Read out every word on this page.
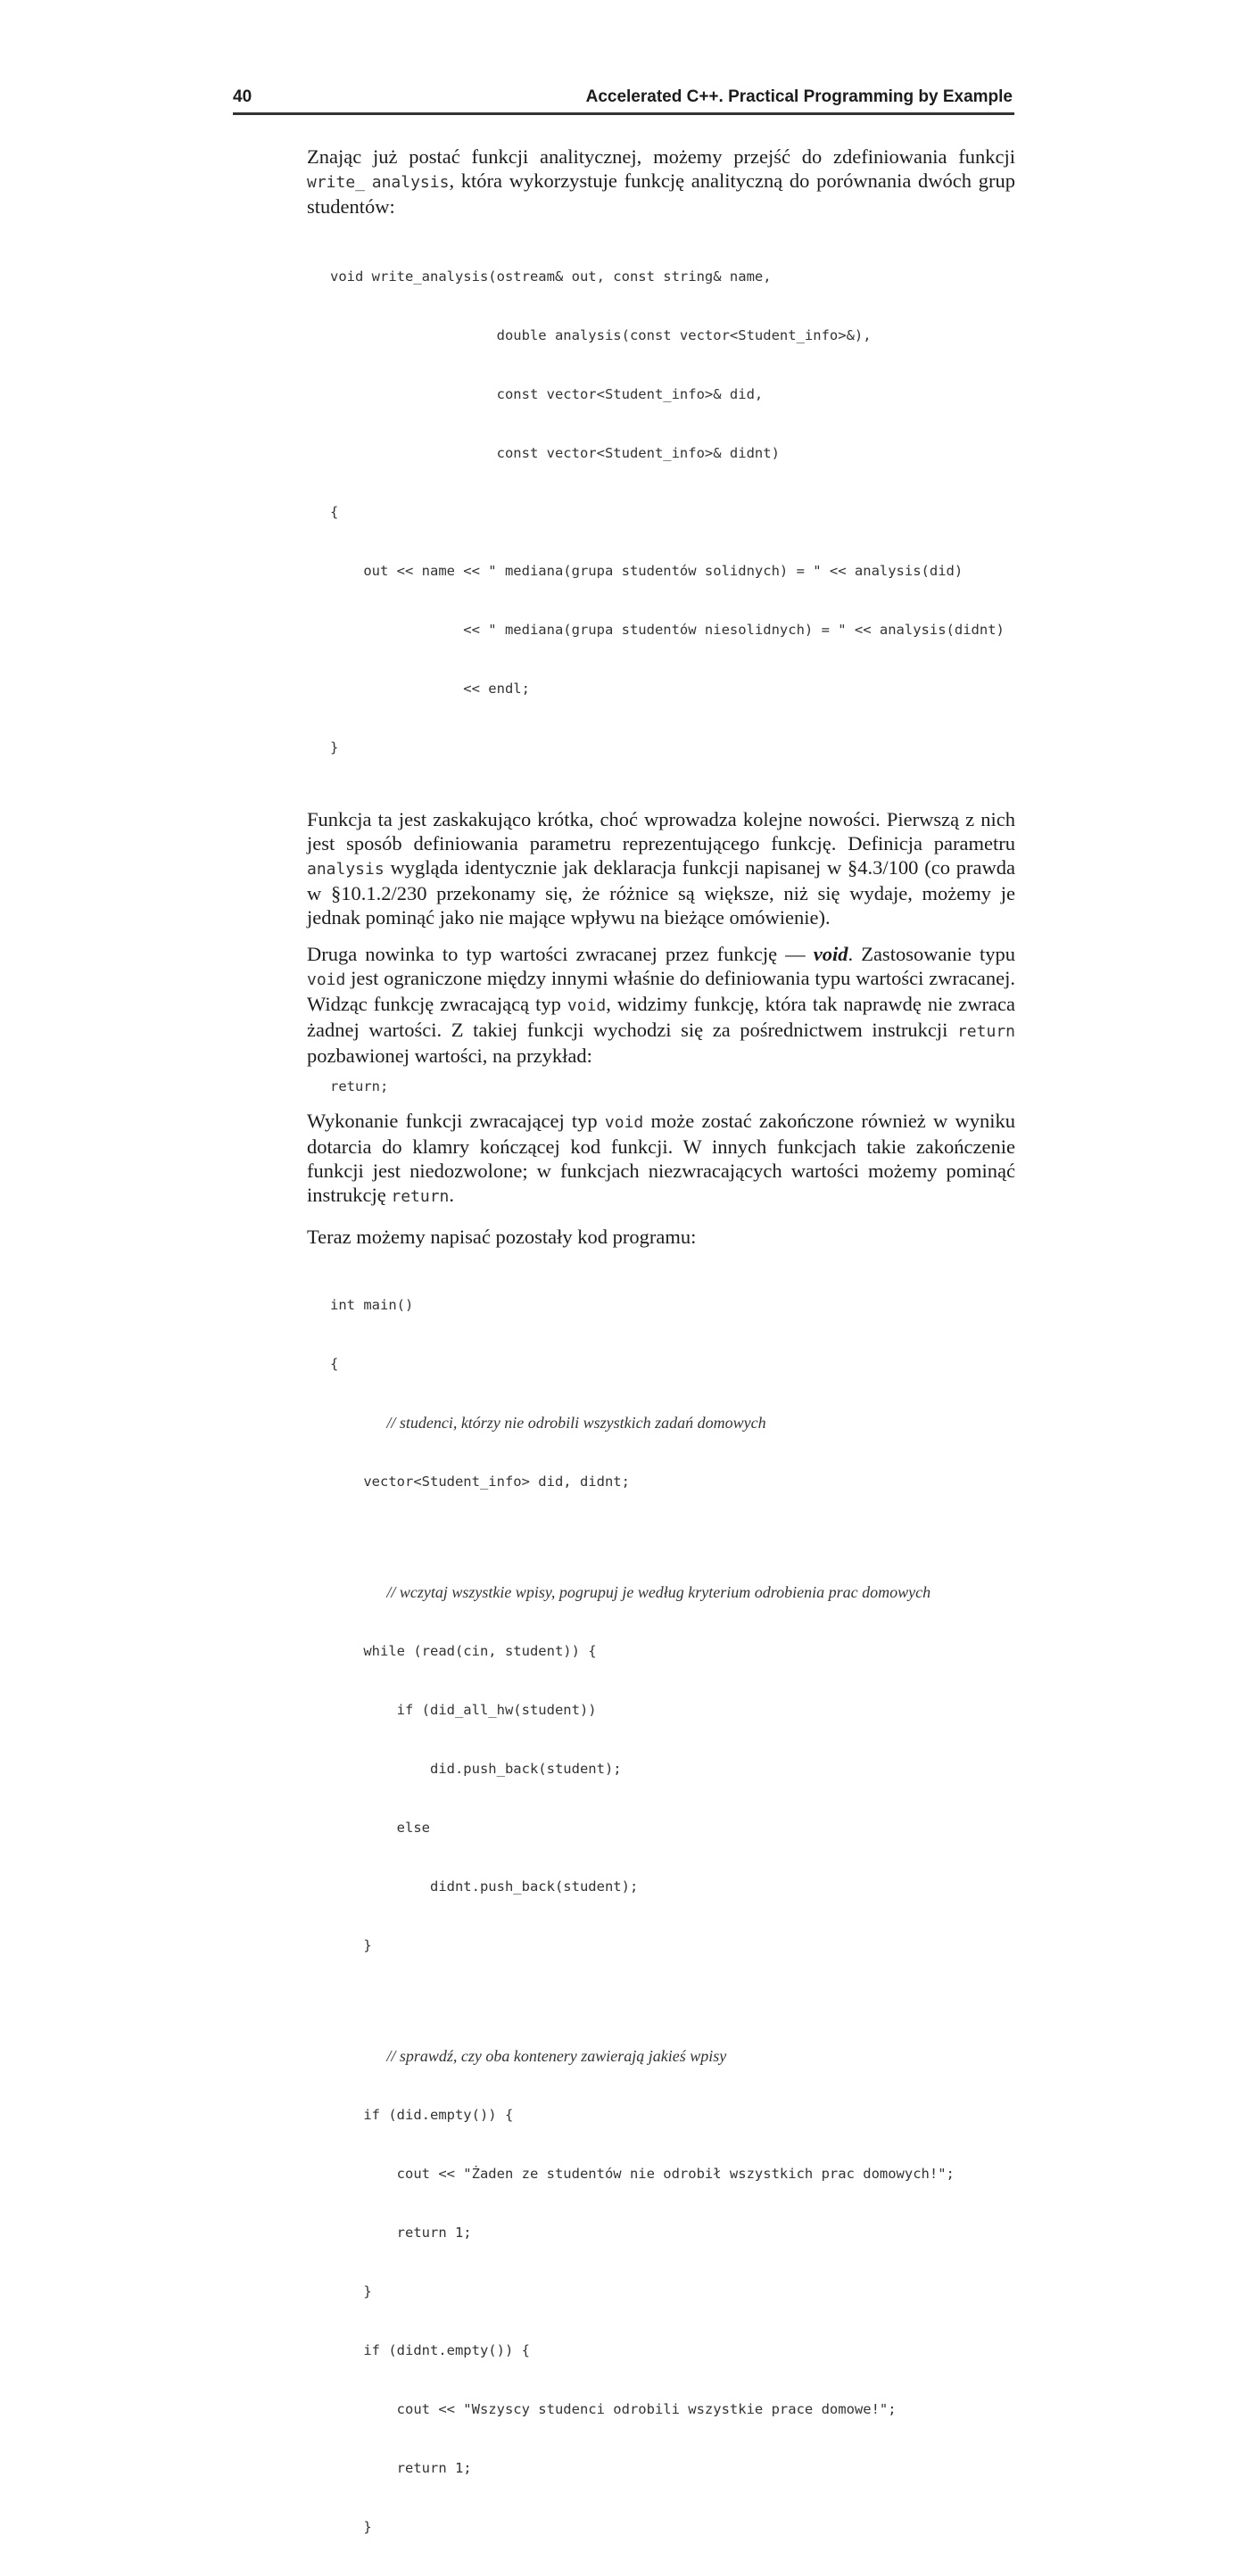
40	Accelerated C++. Practical Programming by Example

Znając już postać funkcji analitycznej, możemy przejść do zdefiniowania funkcji write_ analysis, która wykorzystuje funkcję analityczną do porównania dwóch grup studentów:

void write_analysis(ostream& out, const string& name,

double analysis(const vector<Student_info>&),

const vector<Student_info>& did,

const vector<Student_info>& didnt)

{

out << name << " mediana(grupa studentów solidnych) = " << analysis(did)

<< " mediana(grupa studentów niesolidnych) = " << analysis(didnt)

<< endl;

}

Funkcja ta jest zaskakująco krótka, choć wprowadza kolejne nowości. Pierwszą z nich jest sposób definiowania parametru reprezentującego funkcję. Definicja parametru analysis wygląda identycznie jak deklaracja funkcji napisanej w §4.3/100 (co prawda w §10.1.2/230 przekonamy się, że różnice są większe, niż się wydaje, możemy je jednak pominąć jako nie mające wpływu na bieżące omówienie).

Druga nowinka to typ wartości zwracanej przez funkcję — void. Zastosowanie typu void jest ograniczone między innymi właśnie do definiowania typu wartości zwracanej. Widząc funkcję zwracającą typ void, widzimy funkcję, która tak naprawdę nie zwraca żadnej wartości. Z takiej funkcji wychodzi się za pośrednictwem instrukcji return pozbawionej wartości, na przykład:

return;

Wykonanie funkcji zwracającej typ void może zostać zakończone również w wyniku dotarcia do klamry kończącej kod funkcji. W innych funkcjach takie zakończenie funkcji jest niedozwolone; w funkcjach niezwracających wartości możemy pominąć instrukcję return.

Teraz możemy napisać pozostały kod programu:

int main()

{

// studenci, którzy nie odrobili wszystkich zadań domowych

vector<Student_info> did, didnt;

// wczytaj wszystkie wpisy, pogrupuj je według kryterium odrobienia prac domowych

while (read(cin, student)) {

if (did_all_hw(student))

did.push_back(student);

else

didnt.push_back(student);

}

// sprawdź, czy oba kontenery zawierają jakieś wpisy

if (did.empty()) {

cout << "Żaden ze studentów nie odrobił wszystkich prac domowych!";

return 1;

}

if (didnt.empty()) {

cout << "Wszyscy studenci odrobili wszystkie prace domowe!";

return 1;

}
